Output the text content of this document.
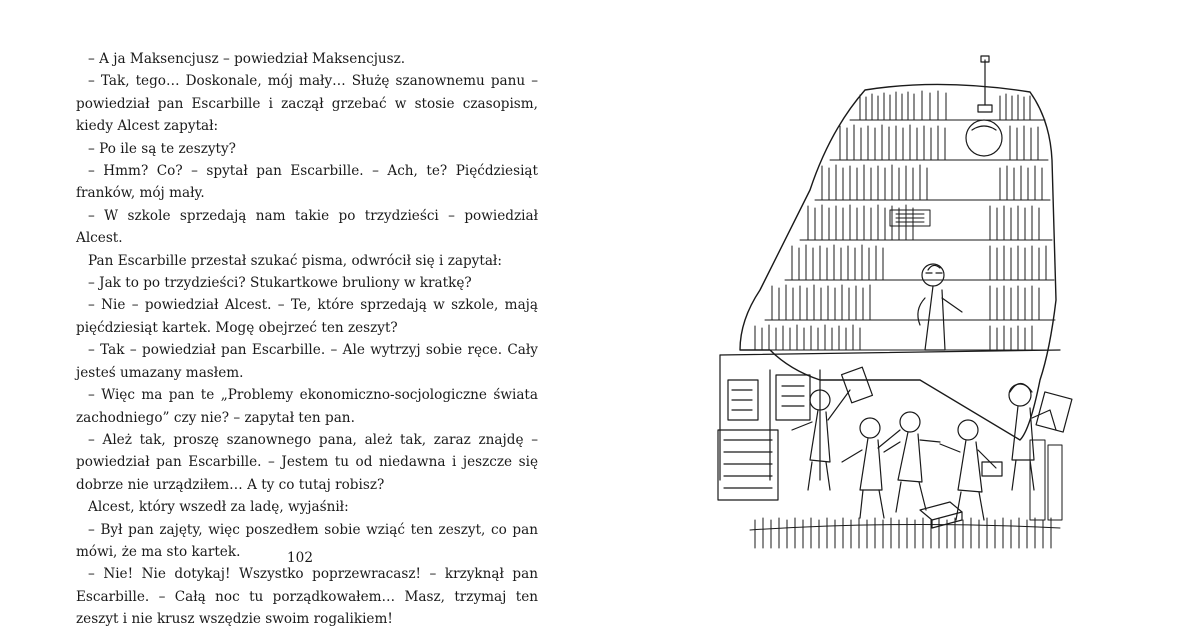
– A ja Maksencjusz – powiedział Maksencjusz.

– Tak, tego… Doskonale, mój mały… Służę szanownemu panu – powiedział pan Escarbille i zaczął grzebać w stosie czasopism, kiedy Alcest zapytał:

– Po ile są te zeszyty?

– Hmm? Co? – spytał pan Escarbille. – Ach, te? Pięćdziesiąt franków, mój mały.

– W szkole sprzedają nam takie po trzydzieści – powiedział Alcest.

Pan Escarbille przestał szukać pisma, odwrócił się i zapytał:

– Jak to po trzydzieści? Stukartkowe bruliony w kratkę?

– Nie – powiedział Alcest. – Te, które sprzedają w szkole, mają pięćdziesiąt kartek. Mogę obejrzeć ten zeszyt?

– Tak – powiedział pan Escarbille. – Ale wytrzyj sobie ręce. Cały jesteś umazany masłem.

– Więc ma pan te „Problemy ekonomiczno-socjologiczne świata zachodniego” czy nie? – zapytał ten pan.

– Ależ tak, proszę szanownego pana, ależ tak, zaraz znajdę – powiedział pan Escarbille. – Jestem tu od niedawna i jeszcze się dobrze nie urządziłem… A ty co tutaj robisz?

Alcest, który wszedł za ladę, wyjaśnił:

– Był pan zajęty, więc poszedłem sobie wziąć ten zeszyt, co pan mówi, że ma sto kartek.

– Nie! Nie dotykaj! Wszystko poprzewracasz! – krzyknął pan Escarbille. – Całą noc tu porządkowałem… Masz, trzymaj ten zeszyt i nie krusz wszędzie swoim rogalikiem!

102
